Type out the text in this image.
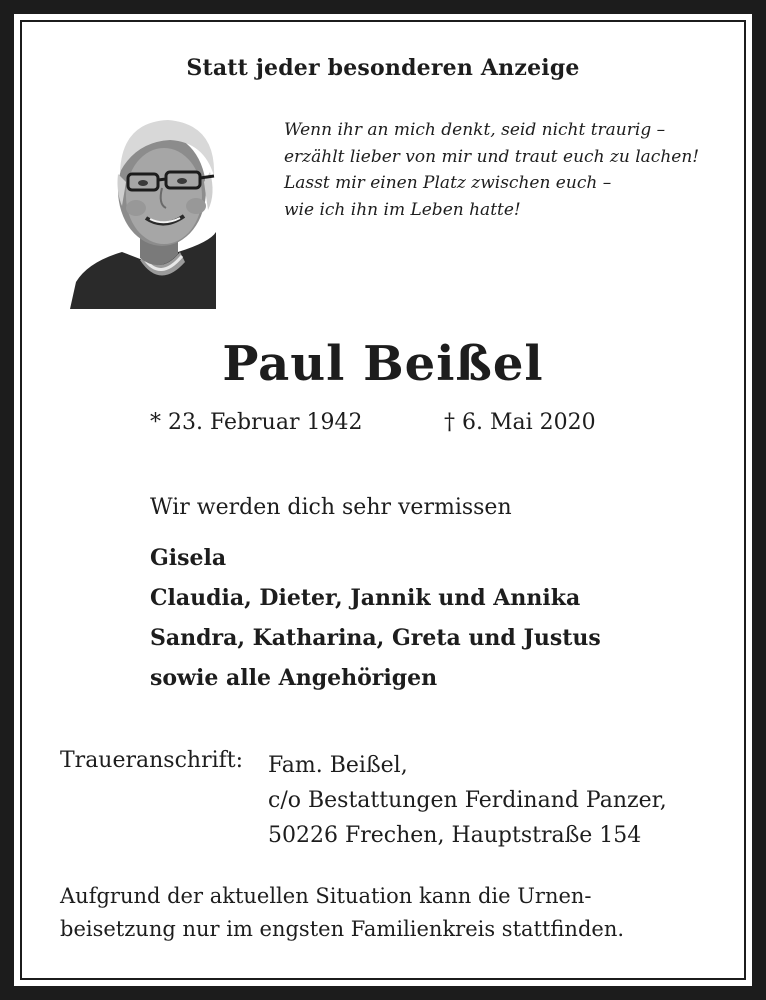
Statt jeder besonderen Anzeige
Wenn ihr an mich denkt, seid nicht traurig –
erzählt lieber von mir und traut euch zu lachen!
Lasst mir einen Platz zwischen euch –
wie ich ihn im Leben hatte!
Paul Beißel
* 23. Februar 1942	† 6. Mai 2020
Wir werden dich sehr vermissen
Gisela
Claudia, Dieter, Jannik und Annika
Sandra, Katharina, Greta und Justus
sowie alle Angehörigen
Traueranschrift: Fam. Beißel,
c/o Bestattungen Ferdinand Panzer,
50226 Frechen, Hauptstraße 154
Aufgrund der aktuellen Situation kann die Urnen-
beisetzung nur im engsten Familienkreis stattfinden.
